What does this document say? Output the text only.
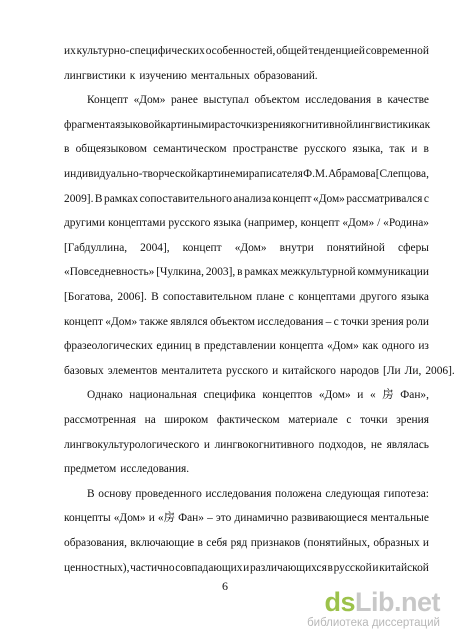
их культурно-специфических особенностей, общей тенденцией современной
лингвистики к изучению ментальных образований.
Концепт «Дом» ранее выступал объектом исследования в качестве
фрагмента языковой картины мира с точки зрения когнитивной лингвистики как
в общеязыковом семантическом пространстве русского языка, так и в
индивидуально-творческой картине мира писателя Ф.М. Абрамова [Слепцова,
2009]. В рамках сопоставительного анализа концепт «Дом» рассматривался с
другими концептами русского языка (например, концепт «Дом» / «Родина»
[Габдуллина, 2004], концепт «Дом» внутри понятийной сферы
«Повседневность» [Чулкина, 2003], в рамках межкультурной коммуникации
[Богатова, 2006]. В сопоставительном плане с концептами другого языка
концепт «Дом» также являлся объектом исследования – с точки зрения роли
фразеологических единиц в представлении концепта «Дом» как одного из
базовых элементов менталитета русского и китайского народов [Ли Ли, 2006].
Однако национальная специфика концептов «Дом» и « 房 Фан»,
рассмотренная на широком фактическом материале с точки зрения
лингвокультурологического и лингвокогнитивного подходов, не являлась
предметом исследования.
В основу проведенного исследования положена следующая гипотеза:
концепты «Дом» и «房 Фан» – это динамично развивающиеся ментальные
образования, включающие в себя ряд признаков (понятийных, образных и
ценностных), частично совпадающих и различающихся в русской и китайской
6
dsLib.net
библиотека диссертаций
